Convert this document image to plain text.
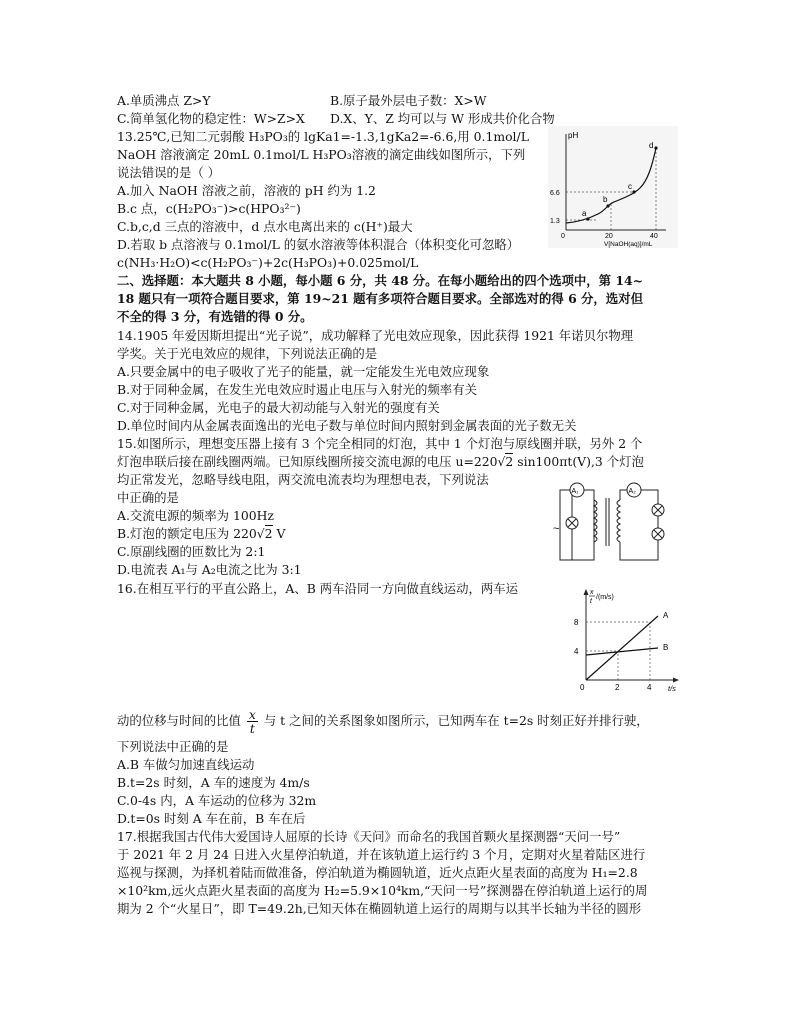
A.单质沸点 Z>Y	B.原子最外层电子数：X>W
C.简单氢化物的稳定性：W>Z>X D.X、Y、Z 均可以与 W 形成共价化合物
13.25℃,已知二元弱酸 H₃PO₃的 lgKa1=-1.3,1gKa2=-6.6,用 0.1mol/L
NaOH 溶液滴定 20mL 0.1mol/L H₃PO₃溶液的滴定曲线如图所示，下列
说法错误的是（ ）
A.加入 NaOH 溶液之前，溶液的 pH 约为 1.2
B.c 点，c(H₂PO₃⁻)>c(HPO₃²⁻)
C.b,c,d 三点的溶液中，d 点水电离出来的 c(H⁺)最大
D.若取 b 点溶液与 0.1mol/L 的氨水溶液等体积混合（体积变化可忽略）
c(NH₃·H₂O)<c(H₂PO₃⁻)+2c(H₃PO₃)+0.025mol/L
二、选择题：本大题共 8 小题，每小题 6 分，共 48 分。在每小题给出的四个选项中，第 14~
18 题只有一项符合题目要求，第 19~21 题有多项符合题目要求。全部选对的得 6 分，选对但
不全的得 3 分，有选错的得 0 分。
14.1905 年爱因斯坦提出“光子说”，成功解释了光电效应现象，因此获得 1921 年诺贝尔物理
学奖。关于光电效应的规律，下列说法正确的是
A.只要金属中的电子吸收了光子的能量，就一定能发生光电效应现象
B.对于同种金属，在发生光电效应时遏止电压与入射光的频率有关
C.对于同种金属，光电子的最大初动能与入射光的强度有关
D.单位时间内从金属表面逸出的光电子数与单位时间内照射到金属表面的光子数无关
15.如图所示，理想变压器上接有 3 个完全相同的灯泡，其中 1 个灯泡与原线圈并联，另外 2 个
灯泡串联后接在副线圈两端。已知原线圈所接交流电源的电压 u=220√2 sin100πt(V),3 个灯泡
均正常发光，忽略导线电阻，两交流电流表均为理想电表，下列说法
中正确的是
A.交流电源的频率为 100Hz
B.灯泡的额定电压为 220√2 V
C.原副线圈的匝数比为 2:1
D.电流表 A₁与 A₂电流之比为 3:1
16.在相互平行的平直公路上，A、B 两车沿同一方向做直线运动，两车运
动的位移与时间的比值 $\frac{x}{t}$ 与 t 之间的关系图象如图所示，已知两车在 t=2s 时刻正好并排行驶，
下列说法中正确的是
A.B 车做匀加速直线运动
B.t=2s 时刻，A 车的速度为 4m/s
C.0-4s 内，A 车运动的位移为 32m
D.t=0s 时刻 A 车在前，B 车在后
17.根据我国古代伟大爱国诗人屈原的长诗《天问》而命名的我国首颗火星探测器“天问一号”
于 2021 年 2 月 24 日进入火星停泊轨道，并在该轨道上运行约 3 个月，定期对火星着陆区进行
巡视与探测，为择机着陆而做准备，停泊轨道为椭圆轨道，近火点距火星表面的高度为 H₁=2.8
×10²km,远火点距火星表面的高度为 H₂=5.9×10⁴km,“天问一号”探测器在停泊轨道上运行的周
期为 2 个“火星日”，即 T=49.2h,已知天体在椭圆轨道上运行的周期与以其半长轴为半径的圆形
pH
6.6
1.3
0	20	40
V[NaOH(aq)]/mL
a
b
c
d
A₁	A₂
~
x
t
/(m/s)
8
4
0	2	4 t/s
A
B
